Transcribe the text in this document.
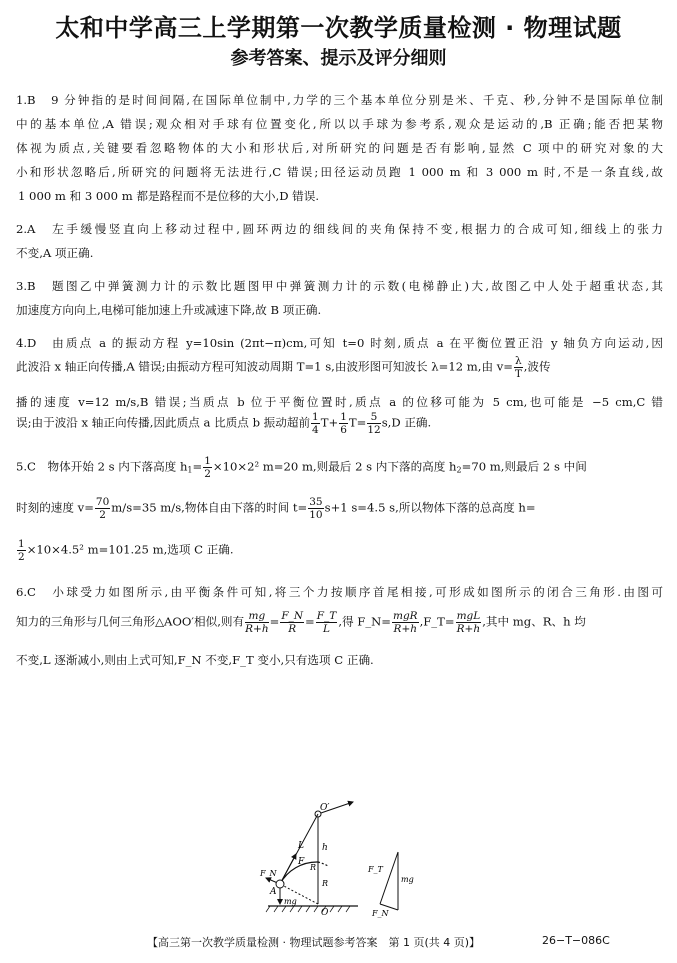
太和中学高三上学期第一次教学质量检测 · 物理试题
参考答案、提示及评分细则
1.B　9 分钟指的是时间间隔,在国际单位制中,力学的三个基本单位分别是米、千克、秒,分钟不是国际单位制
中的基本单位,A 错误;观众相对手球有位置变化,所以以手球为参考系,观众是运动的,B 正确;能否把某物
体视为质点,关键要看忽略物体的大小和形状后,对所研究的问题是否有影响,显然 C 项中的研究对象的大
小和形状忽略后,所研究的问题将无法进行,C 错误;田径运动员跑 1 000 m 和 3 000 m 时,不是一条直线,故
1 000 m 和 3 000 m 都是路程而不是位移的大小,D 错误.
2.A　左手缓慢竖直向上移动过程中,圆环两边的细线间的夹角保持不变,根据力的合成可知,细线上的张力
不变,A 项正确.
3.B　题图乙中弹簧测力计的示数比题图甲中弹簧测力计的示数(电梯静止)大,故图乙中人处于超重状态,其
加速度方向向上,电梯可能加速上升或减速下降,故 B 项正确.
4.D　由质点 a 的振动方程 y=10sin (2πt−π)cm,可知 t=0 时刻,质点 a 在平衡位置正沿 y 轴负方向运动,因
此波沿 x 轴正向传播,A 错误;由振动方程可知波动周期 T=1 s,由波形图可知波长 λ=12 m,由 $v= \frac{\lambda}{T}$ ,波传
播的速度 v=12 m/s,B 错误;当质点 b 位于平衡位置时,质点 a 的位移可能为 5 cm,也可能是 −5 cm,C 错
误;由于波沿 x 轴正向传播,因此质点 a 比质点 b 振动超前 $\frac{1}{4} T+ \frac{1}{6} T= \frac{5}{12} s,D$ 正确.
5.C　物体开始 2 s 内下落高度 $h_1= \frac{1}{2} \times 10\times 2^2$ m=20 m,则最后 2 s 内下落的高度 $h_2=70$ m,则最后 2 s 中间
时刻的速度 $v= \frac{70}{2} m/s=35$ m/s,物体自由下落的时间 $t= \frac{35}{10} s+1$ s=4.5 s,所以物体下落的总高度 h=
$\frac{1}{2} \times 10\times 4.5^2$ m=101.25 m,选项 C 正确.
6.C　小球受力如图所示,由平衡条件可知,将三个力按顺序首尾相接,可形成如图所示的闭合三角形.由图可
知力的三角形与几何三角形△AOO′相似,则有 $\frac{mg}{R+h} = \frac{F\_N}{R} = \frac{F\_T}{L}$ ,得 F_N= $\frac{\text{mgR}}{R+h}$ ,F_T= $\frac{\text{mgL}}{R+h}$ ,其中 mg、R、h 均
不变,L 逐渐减小,则由上式可知,F_N 不变,F_T 变小,只有选项 C 正确.
O′
O
L
F
F_N
A
mg
h
R
R
F_T
mg
F_N
【高三第一次教学质量检测 · 物理试题参考答案　第 1 页(共 4 页)】	26−T−086C
